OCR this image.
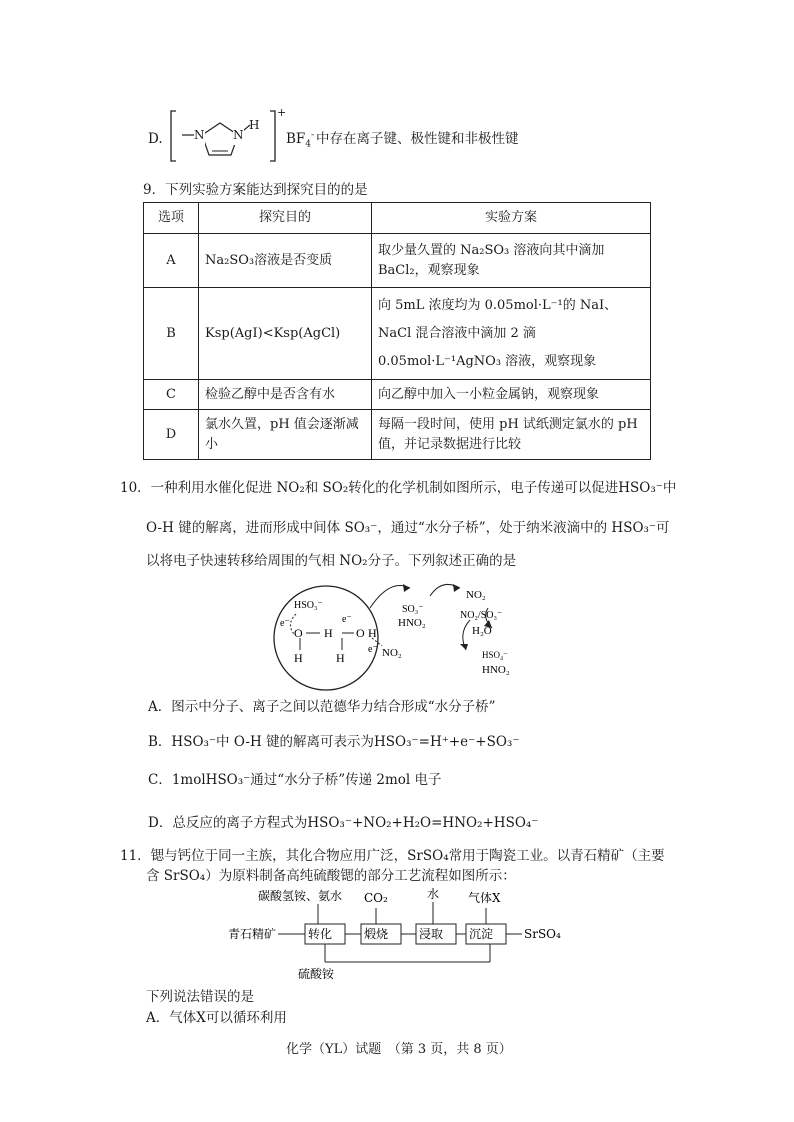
D.	N N
H
+
$BF_4^-$ 中存在离子键、极性键和非极性键
9．下列实验方案能达到探究目的的是
选项	探究目的	实验方案
A	Na₂SO₃溶液是否变质	取少量久置的 Na₂SO₃ 溶液向其中滴加 BaCl₂，观察现象
B	Ksp(AgI)<Ksp(AgCl)	向 5mL 浓度均为 0.05mol·L⁻¹的 NaI、NaCl 混合溶液中滴加 2 滴 0.05mol·L⁻¹AgNO₃ 溶液，观察现象
C	检验乙醇中是否含有水	向乙醇中加入一小粒金属钠，观察现象
D	氯水久置，pH 值会逐渐减小	每隔一段时间，使用 pH 试纸测定氯水的 pH 值，并记录数据进行比较
10．一种利用水催化促进 NO₂和 SO₂转化的化学机制如图所示，电子传递可以促进HSO₃⁻中
O-H 键的解离，进而形成中间体 SO₃⁻，通过“水分子桥”，处于纳米液滴中的 HSO₃⁻可
以将电子快速转移给周围的气相 NO₂分子。下列叙述正确的是
HSO₃⁻
e⁻	e⁻
e⁻
O H O H
H	H	NO₂
SO₃⁻
HNO₂
NO₂
NO₂/SO₃⁻
H₂O
HSO₄⁻
HNO₂
A．图示中分子、离子之间以范德华力结合形成“水分子桥”
B．HSO₃⁻中 O-H 键的解离可表示为HSO₃⁻=H⁺+e⁻+SO₃⁻
C．1molHSO₃⁻通过“水分子桥”传递 2mol 电子
D．总反应的离子方程式为HSO₃⁻+NO₂+H₂O=HNO₂+HSO₄⁻
11．锶与钙位于同一主族，其化合物应用广泛，SrSO₄常用于陶瓷工业。以青石精矿（主要
含 SrSO₄）为原料制备高纯硫酸锶的部分工艺流程如图所示：
碳酸氢铵、氨水 CO₂	水 气体X
青石精矿	转化	煅烧	浸取 沉淀	SrSO₄
硫酸铵
下列说法错误的是
A．气体X可以循环利用
化学（YL）试题　（第 3 页，共 8 页）
